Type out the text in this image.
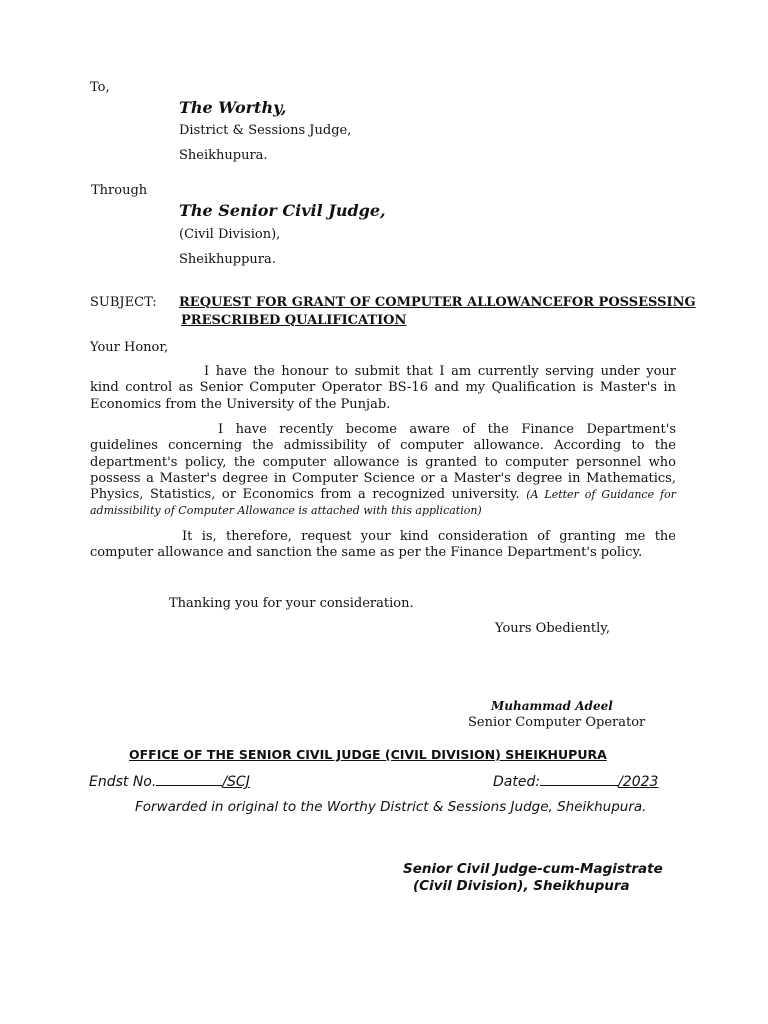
To,
The Worthy,
District & Sessions Judge,
Sheikhupura.
Through
The Senior Civil Judge,
(Civil Division),
Sheikhuppura.
SUBJECT: REQUEST FOR GRANT OF COMPUTER ALLOWANCEFOR POSSESSING
PRESCRIBED QUALIFICATION
Your Honor,
I have the honour to submit that I am currently serving under your kind control as Senior Computer Operator BS-16 and my Qualification is Master's in Economics from the University of the Punjab.
I have recently become aware of the Finance Department's guidelines concerning the admissibility of computer allowance. According to the department's policy, the computer allowance is granted to computer personnel who possess a Master's degree in Computer Science or a Master's degree in Mathematics, Physics, Statistics, or Economics from a recognized university. (A Letter of Guidance for admissibility of Computer Allowance is attached with this application)
It is, therefore, request your kind consideration of granting me the computer allowance and sanction the same as per the Finance Department's policy.
Thanking you for your consideration.
Yours Obediently,
Muhammad Adeel
Senior Computer Operator
OFFICE OF THE SENIOR CIVIL JUDGE (CIVIL DIVISION) SHEIKHUPURA
Endst No.	/SCJ	Dated:	/2023
Forwarded in original to the Worthy District & Sessions Judge, Sheikhupura.
Senior Civil Judge-cum-Magistrate
(Civil Division), Sheikhupura
